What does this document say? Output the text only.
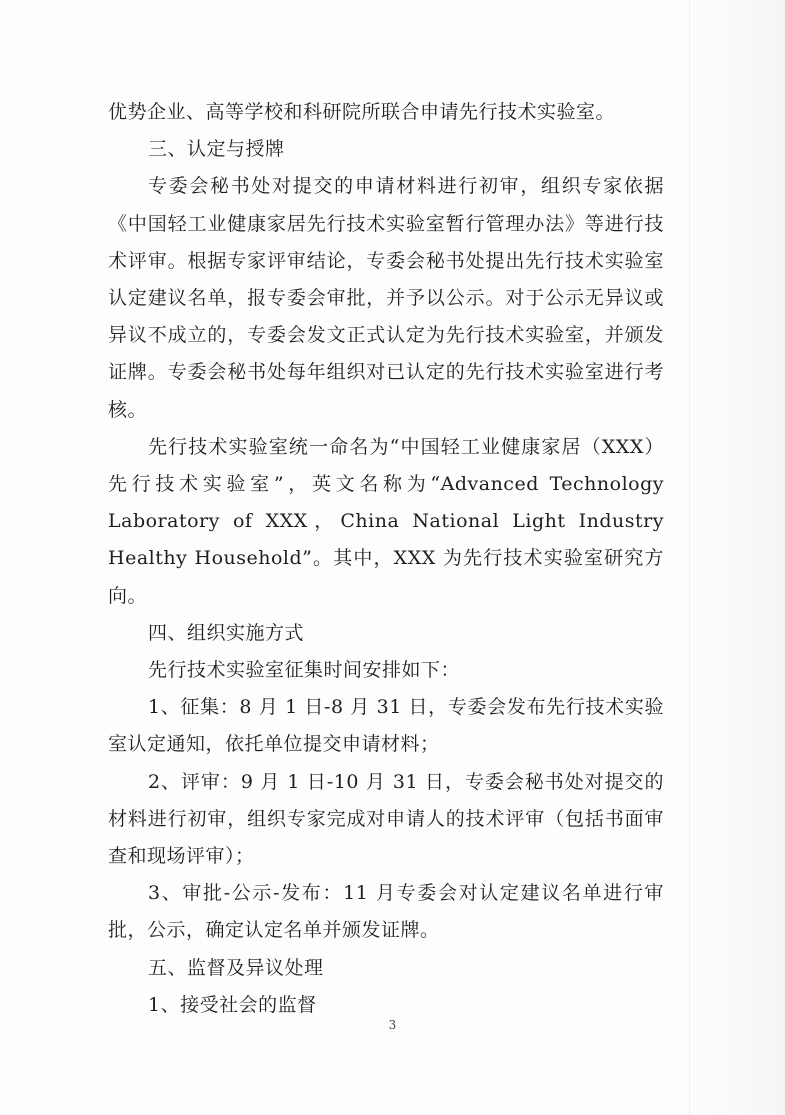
优势企业、高等学校和科研院所联合申请先行技术实验室。

三、认定与授牌

专委会秘书处对提交的申请材料进行初审，组织专家依据《中国轻工业健康家居先行技术实验室暂行管理办法》等进行技术评审。根据专家评审结论，专委会秘书处提出先行技术实验室认定建议名单，报专委会审批，并予以公示。对于公示无异议或异议不成立的，专委会发文正式认定为先行技术实验室，并颁发证牌。专委会秘书处每年组织对已认定的先行技术实验室进行考核。

先行技术实验室统一命名为“中国轻工业健康家居（XXX）先行技术实验室”，英文名称为“Advanced Technology Laboratory of XXX，China National Light Industry Healthy Household”。其中，XXX 为先行技术实验室研究方向。

四、组织实施方式

先行技术实验室征集时间安排如下：

1、征集：8 月 1 日-8 月 31 日，专委会发布先行技术实验室认定通知，依托单位提交申请材料；

2、评审：9 月 1 日-10 月 31 日，专委会秘书处对提交的材料进行初审，组织专家完成对申请人的技术评审（包括书面审查和现场评审）；

3、审批-公示-发布：11 月专委会对认定建议名单进行审批，公示，确定认定名单并颁发证牌。

五、监督及异议处理

1、接受社会的监督

3
